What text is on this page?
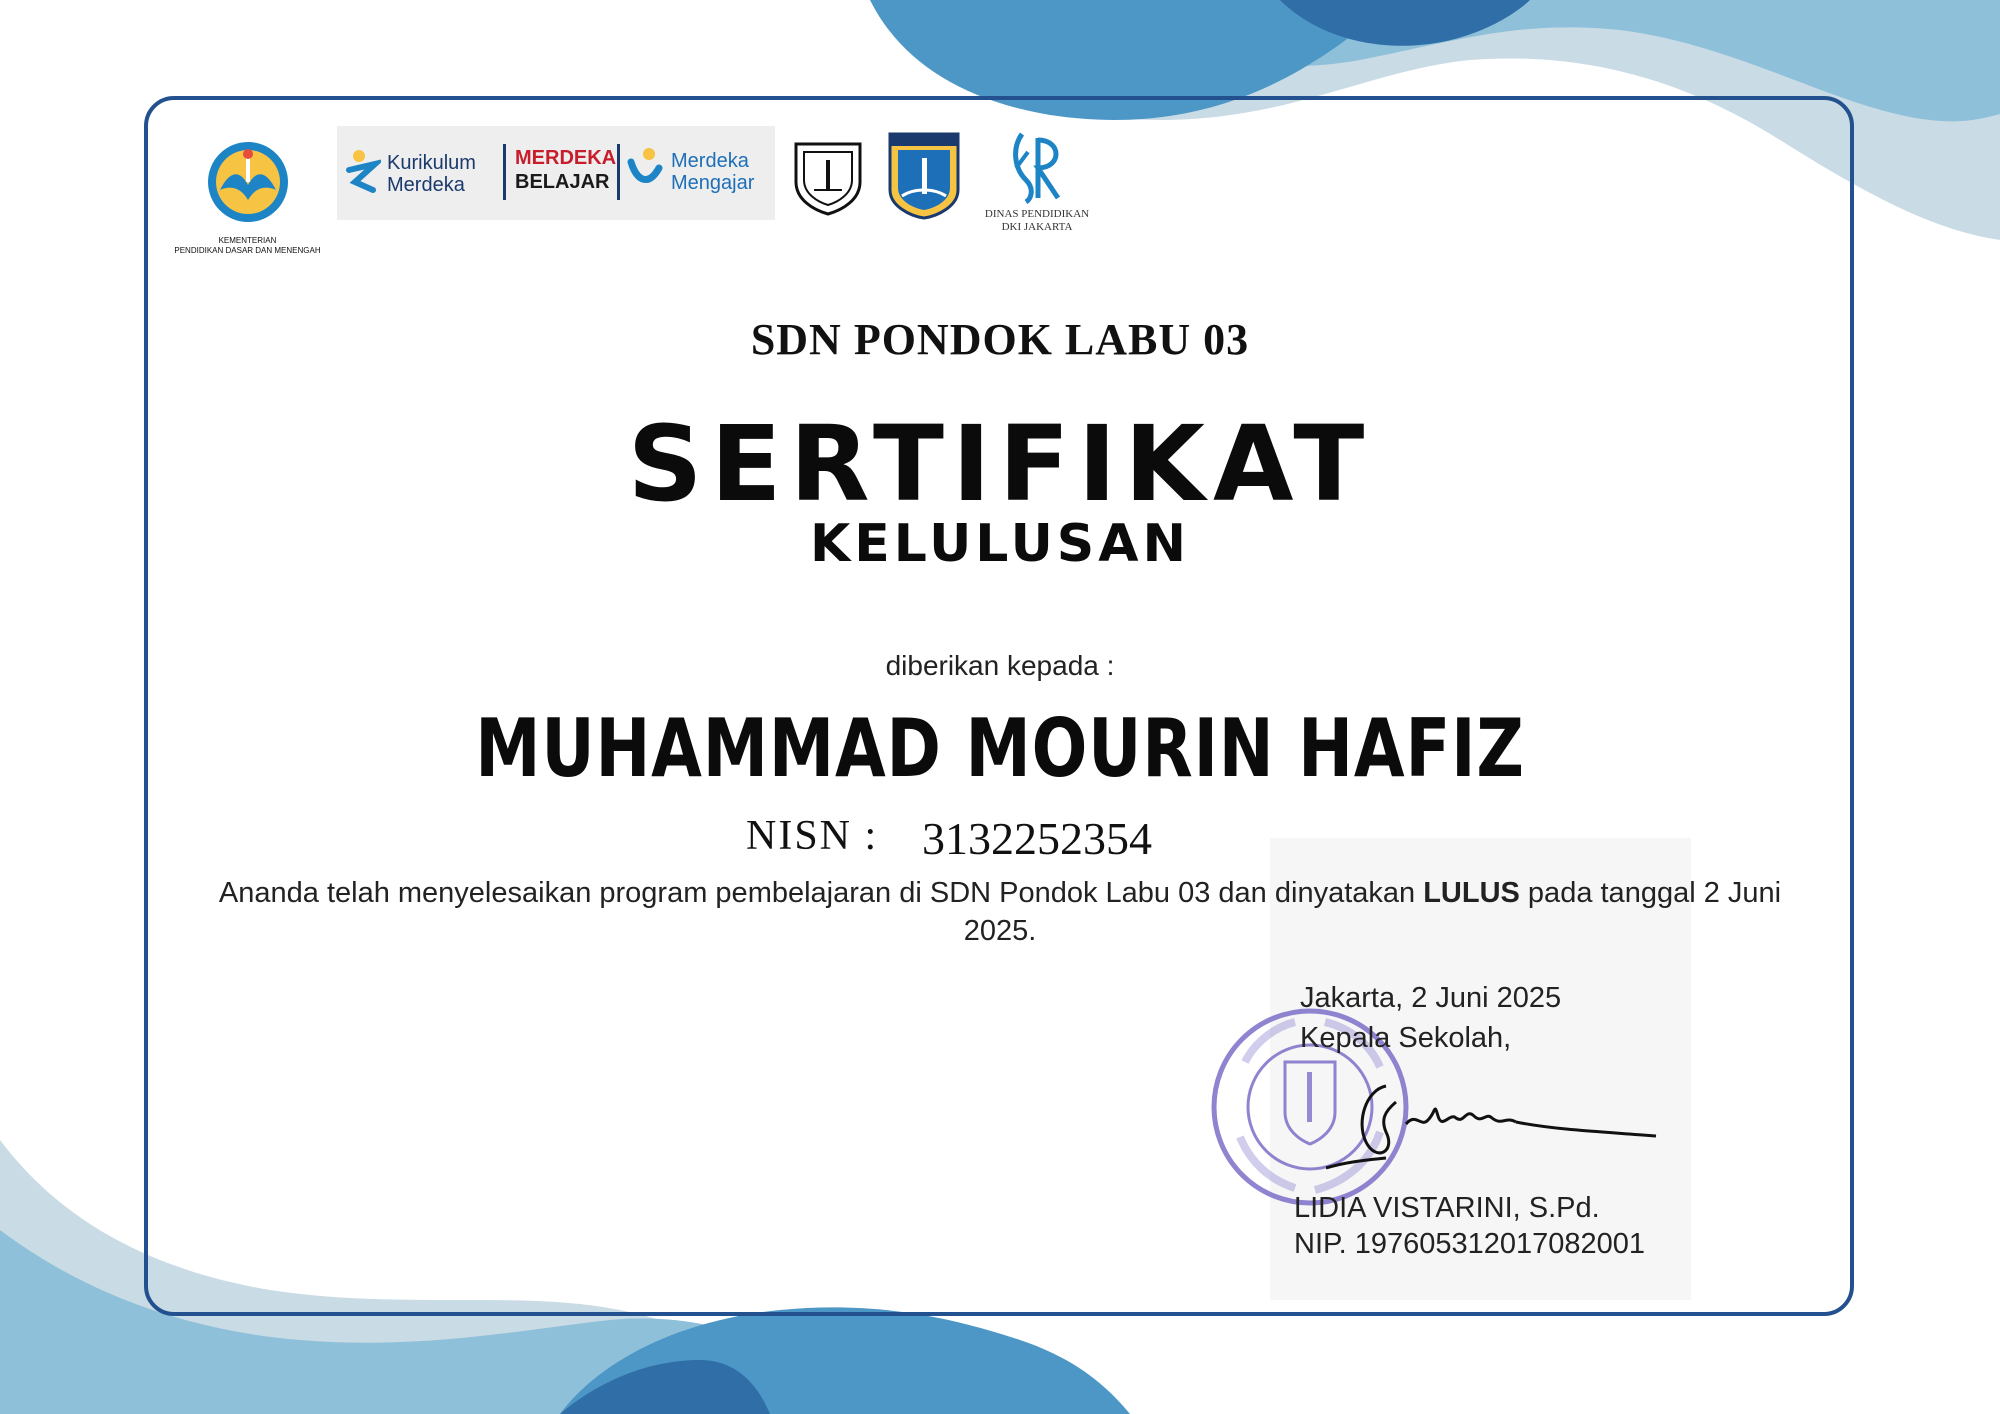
KEMENTERIAN
PENDIDIKAN DASAR DAN MENENGAH
Kurikulum
Merdeka
MERDEKA
BELAJAR
Merdeka
Mengajar
DINAS PENDIDIKAN
DKI JAKARTA
SDN PONDOK LABU 03
SERTIFIKAT
KELULUSAN
diberikan kepada :
MUHAMMAD MOURIN HAFIZ
NISN : 3132252354
Ananda telah menyelesaikan program pembelajaran di SDN Pondok Labu 03 dan dinyatakan LULUS pada tanggal 2 Juni 2025.
Jakarta, 2 Juni 2025
Kepala Sekolah,
LIDIA VISTARINI, S.Pd.
NIP. 197605312017082001
